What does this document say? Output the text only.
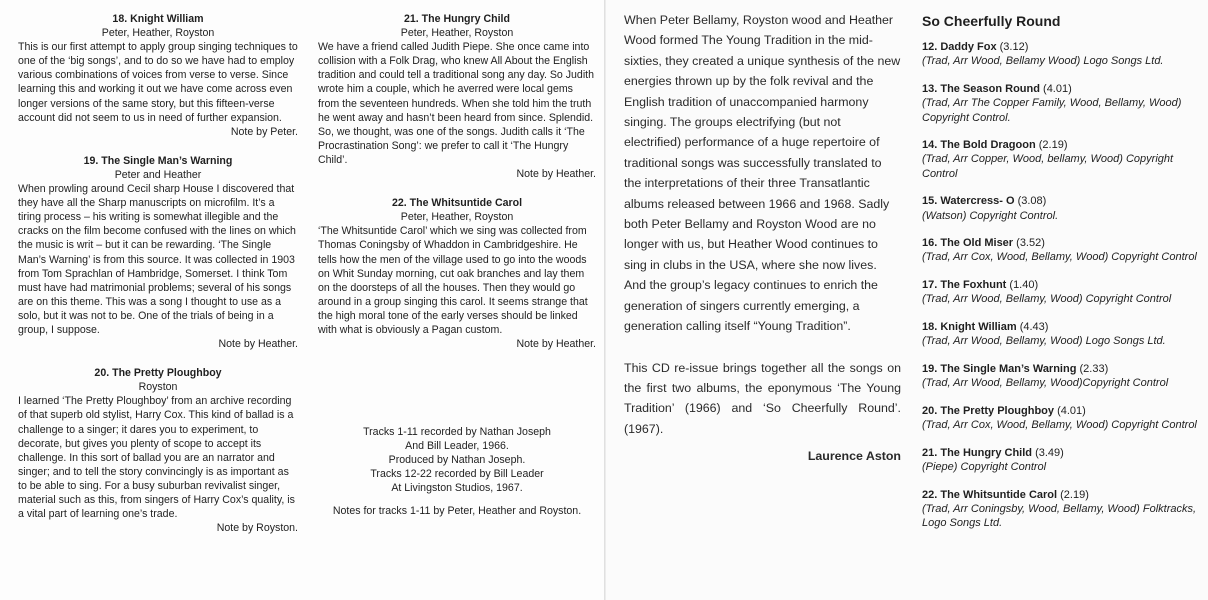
18. Knight William
Peter, Heather, Royston
This is our first attempt to apply group singing techniques to one of the ‘big songs’, and to do so we have had to employ various combinations of voices from verse to verse. Since learning this and working it out we have come across even longer versions of the same story, but this fifteen-verse account did not seem to us in need of further expansion.
Note by Peter.
19. The Single Man’s Warning
Peter and Heather
When prowling around Cecil sharp House I discovered that they have all the Sharp manuscripts on microfilm. It’s a tiring process – his writing is somewhat illegible and the cracks on the film become confused with the lines on which the music is writ – but it can be rewarding. ‘The Single Man’s Warning’ is from this source. It was collected in 1903 from Tom Sprachlan of Hambridge, Somerset. I think Tom must have had matrimonial problems; several of his songs are on this theme. This was a song I thought to use as a solo, but it was not to be. One of the trials of being in a group, I suppose.
Note by Heather.
20. The Pretty Ploughboy
Royston
I learned ‘The Pretty Ploughboy’ from an archive recording of that superb old stylist, Harry Cox. This kind of ballad is a challenge to a singer; it dares you to experiment, to decorate, but gives you plenty of scope to accept its challenge. In this sort of ballad you are an narrator and singer; and to tell the story convincingly is as important as to be able to sing. For a busy suburban revivalist singer, material such as this, from singers of Harry Cox’s quality, is a vital part of learning one’s trade.
Note by Royston.
21. The Hungry Child
Peter, Heather, Royston
We have a friend called Judith Piepe. She once came into collision with a Folk Drag, who knew All About the English tradition and could tell a traditional song any day. So Judith wrote him a couple, which he averred were local gems from the seventeen hundreds. When she told him the truth he went away and hasn’t been heard from since. Splendid. So, we thought, was one of the songs. Judith calls it ‘The Procrastination Song’: we prefer to call it ‘The Hungry Child’.
Note by Heather.
22. The Whitsuntide Carol
Peter, Heather, Royston
‘The Whitsuntide Carol’ which we sing was collected from Thomas Coningsby of Whaddon in Cambridgeshire. He tells how the men of the village used to go into the woods on Whit Sunday morning, cut oak branches and lay them on the doorsteps of all the houses. Then they would go around in a group singing this carol. It seems strange that the high moral tone of the early verses should be linked with what is obviously a Pagan custom.
Note by Heather.
Tracks 1-11 recorded by Nathan Joseph
And Bill Leader, 1966.
Produced by Nathan Joseph.
Tracks 12-22 recorded by Bill Leader
At Livingston Studios, 1967.
Notes for tracks 1-11 by Peter, Heather and Royston.

When Peter Bellamy, Royston wood and Heather Wood formed The Young Tradition in the mid-sixties, they created a unique synthesis of the new energies thrown up by the folk revival and the English tradition of unaccompanied harmony singing. The groups electrifying (but not electrified) performance of a huge repertoire of traditional songs was successfully translated to the interpretations of their three Transatlantic albums released between 1966 and 1968. Sadly both Peter Bellamy and Royston Wood are no longer with us, but Heather Wood continues to sing in clubs in the USA, where she now lives. And the group’s legacy continues to enrich the generation of singers currently emerging, a generation calling itself “Young Tradition”.

This CD re-issue brings together all the songs on the first two albums, the eponymous ‘The Young Tradition’ (1966) and ‘So Cheerfully Round’. (1967).

Laurence Aston
So Cheerfully Round
12. Daddy Fox (3.12)
(Trad, Arr Wood, Bellamy Wood) Logo Songs Ltd.
13. The Season Round (4.01)
(Trad, Arr The Copper Family, Wood, Bellamy, Wood) Copyright Control.
14. The Bold Dragoon (2.19)
(Trad, Arr Copper, Wood, bellamy, Wood) Copyright Control
15. Watercress- O (3.08)
(Watson) Copyright Control.
16. The Old Miser (3.52)
(Trad, Arr Cox, Wood, Bellamy, Wood) Copyright Control
17. The Foxhunt (1.40)
(Trad, Arr Wood, Bellamy, Wood) Copyright Control
18. Knight William (4.43)
(Trad, Arr Wood, Bellamy, Wood) Logo Songs Ltd.
19. The Single Man’s Warning (2.33)
(Trad, Arr Wood, Bellamy, Wood)Copyright Control
20. The Pretty Ploughboy (4.01)
(Trad, Arr Cox, Wood, Bellamy, Wood) Copyright Control
21. The Hungry Child (3.49)
(Piepe) Copyright Control
22. The Whitsuntide Carol (2.19)
(Trad, Arr Coningsby, Wood, Bellamy, Wood) Folktracks, Logo Songs Ltd.
